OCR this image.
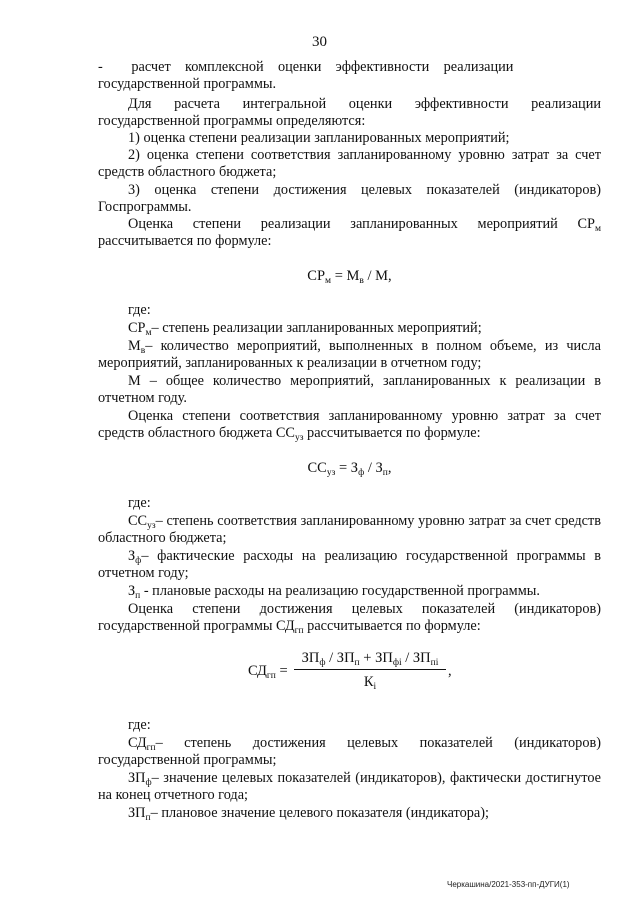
30
-  расчет комплексной оценки эффективности реализации государственной программы.
Для расчета интегральной оценки эффективности реализации государственной программы определяются:
1) оценка степени реализации запланированных мероприятий;
2) оценка степени соответствия запланированному уровню затрат за счет средств областного бюджета;
3) оценка степени достижения целевых показателей (индикаторов) Госпрограммы.
Оценка степени реализации запланированных мероприятий $СР_м$ рассчитывается по формуле:
$СР_м = М_в / М$,
где:
$СР_м-$ степень реализации запланированных мероприятий;
$М_в-$ количество мероприятий, выполненных в полном объеме, из числа мероприятий, запланированных к реализации в отчетном году;
М – общее количество мероприятий, запланированных к реализации в отчетном году.
Оценка степени соответствия запланированному уровню затрат за счет средств областного бюджета $СС_{уз}$ рассчитывается по формуле:
$СС_{уз} = З_ф / З_п$,
где:
$СС_{уз}-$ степень соответствия запланированному уровню затрат за счет средств областного бюджета;
$З_ф-$ фактические расходы на реализацию государственной программы в отчетном году;
$З_п$ - плановые расходы на реализацию государственной программы.
Оценка степени достижения целевых показателей (индикаторов) государственной программы $СД_{гп}$ рассчитывается по формуле:
$СД_{гп}$ =
$ЗП_ф / ЗП_п + ЗП_{фi} / ЗП_{пi}$
$К_i$
,
где:
$СД_{гп}-$ степень достижения целевых показателей (индикаторов) государственной программы;
$ЗП_ф-$ значение целевых показателей (индикаторов), фактически достигнутое на конец отчетного года;
$ЗП_п-$ плановое значение целевого показателя (индикатора);
Черкашина/2021-353-пп-ДУГИ(1)
